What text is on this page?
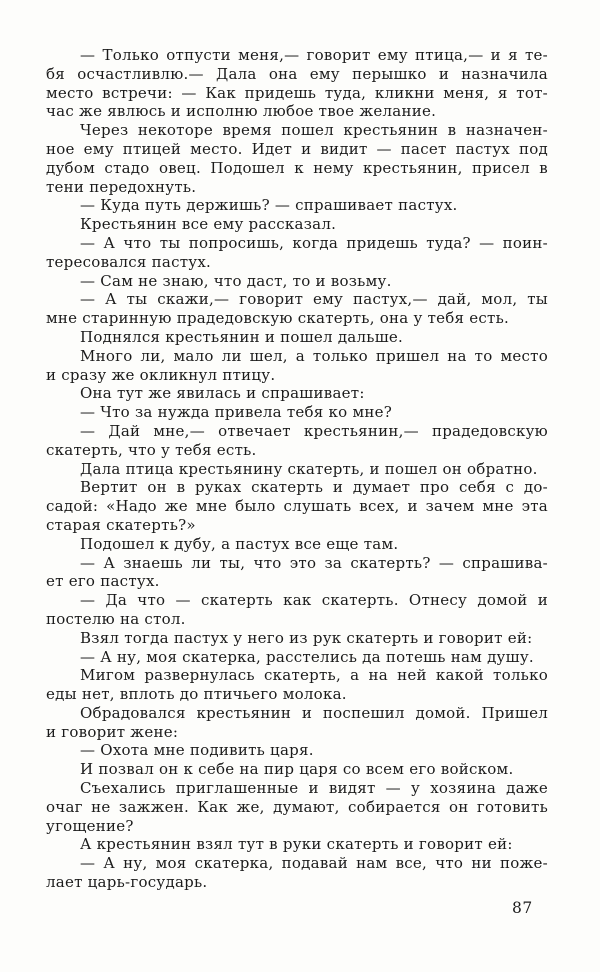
— Только отпусти меня,— говорит ему птица,— и я те-
бя осчастливлю.— Дала она ему перышко и назначила
место встречи: — Как придешь туда, кликни меня, я тот-
час же явлюсь и исполню любое твое желание.
Через некоторе время пошел крестьянин в назначен-
ное ему птицей место. Идет и видит — пасет пастух под
дубом стадо овец. Подошел к нему крестьянин, присел в
тени передохнуть.
— Куда путь держишь? — спрашивает пастух.
Крестьянин все ему рассказал.
— А что ты попросишь, когда придешь туда? — поин-
тересовался пастух.
— Сам не знаю, что даст, то и возьму.
— А ты скажи,— говорит ему пастух,— дай, мол, ты
мне старинную прадедовскую скатерть, она у тебя есть.
Поднялся крестьянин и пошел дальше.
Много ли, мало ли шел, а только пришел на то место
и сразу же окликнул птицу.
Она тут же явилась и спрашивает:
— Что за нужда привела тебя ко мне?
— Дай мне,— отвечает крестьянин,— прадедовскую
скатерть, что у тебя есть.
Дала птица крестьянину скатерть, и пошел он обратно.
Вертит он в руках скатерть и думает про себя с до-
садой: «Надо же мне было слушать всех, и зачем мне эта
старая скатерть?»
Подошел к дубу, а пастух все еще там.
— А знаешь ли ты, что это за скатерть? — спрашива-
ет его пастух.
— Да что — скатерть как скатерть. Отнесу домой и
постелю на стол.
Взял тогда пастух у него из рук скатерть и говорит ей:
— А ну, моя скатерка, расстелись да потешь нам душу.
Мигом развернулась скатерть, а на ней какой только
еды нет, вплоть до птичьего молока.
Обрадовался крестьянин и поспешил домой. Пришел
и говорит жене:
— Охота мне подивить царя.
И позвал он к себе на пир царя со всем его войском.
Съехались приглашенные и видят — у хозяина даже
очаг не зажжен. Как же, думают, собирается он готовить
угощение?
А крестьянин взял тут в руки скатерть и говорит ей:
— А ну, моя скатерка, подавай нам все, что ни поже-
лает царь-государь.
87
